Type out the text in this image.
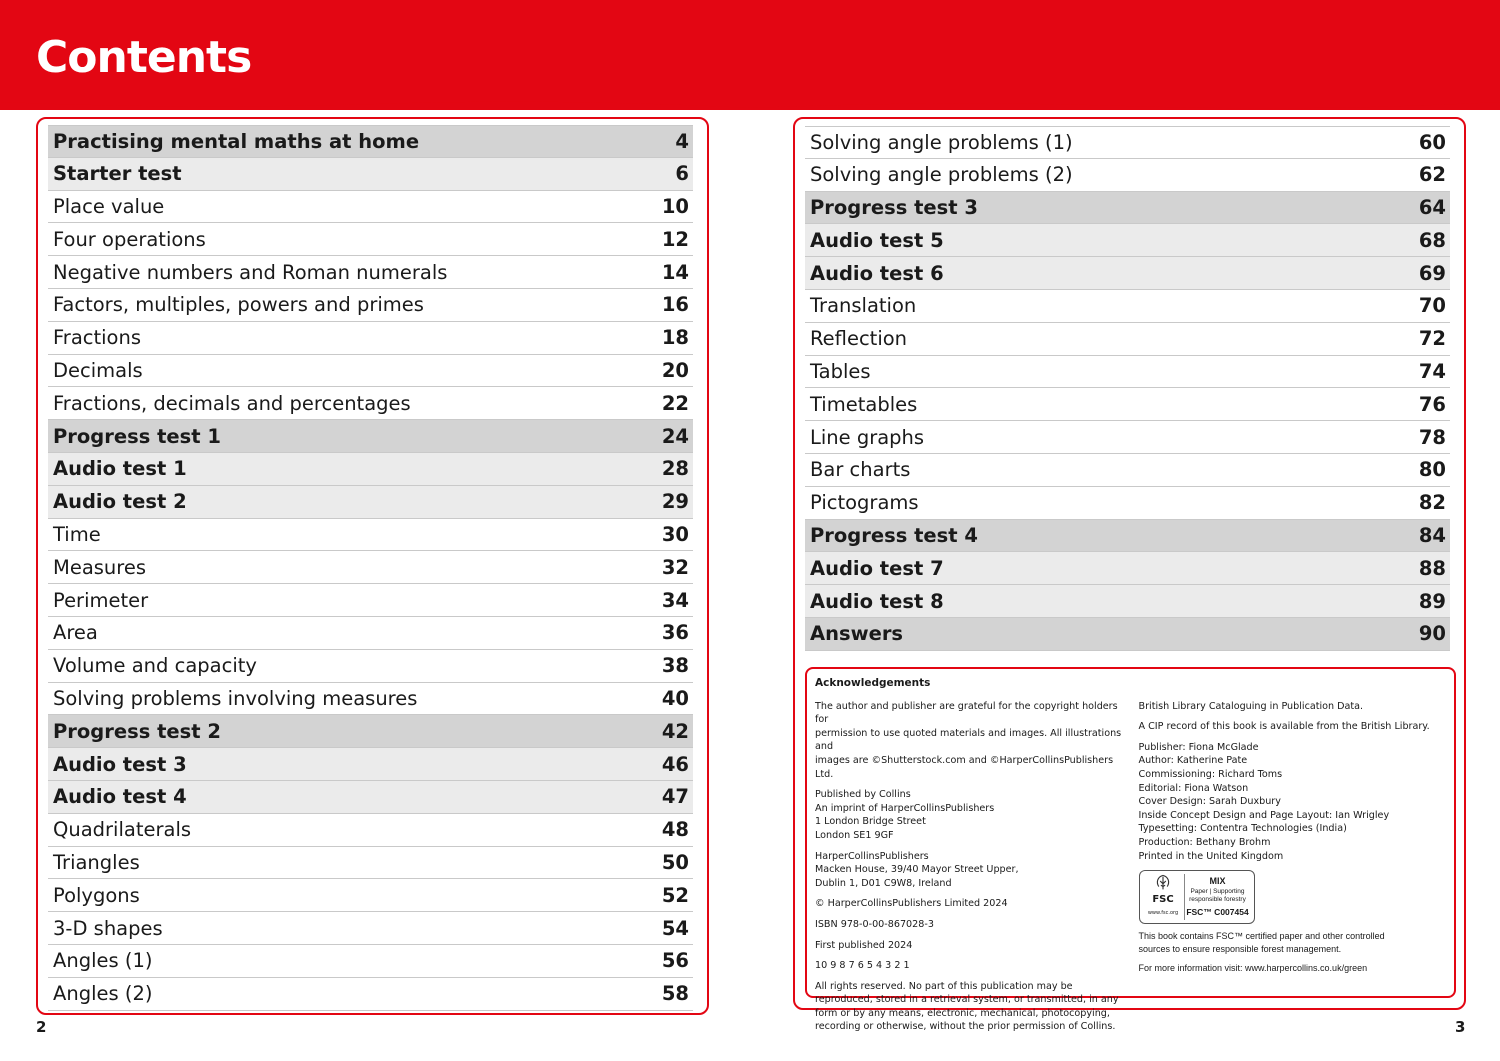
Contents
Practising mental maths at home	4
Starter test	6
Place value	10
Four operations	12
Negative numbers and Roman numerals	14
Factors, multiples, powers and primes	16
Fractions	18
Decimals	20
Fractions, decimals and percentages	22
Progress test 1	24
Audio test 1	28
Audio test 2	29
Time	30
Measures	32
Perimeter	34
Area	36
Volume and capacity	38
Solving problems involving measures	40
Progress test 2	42
Audio test 3	46
Audio test 4	47
Quadrilaterals	48
Triangles	50
Polygons	52
3-D shapes	54
Angles (1)	56
Angles (2)	58
Solving angle problems (1)	60
Solving angle problems (2)	62
Progress test 3	64
Audio test 5	68
Audio test 6	69
Translation	70
Reflection	72
Tables	74
Timetables	76
Line graphs	78
Bar charts	80
Pictograms	82
Progress test 4	84
Audio test 7	88
Audio test 8	89
Answers	90
Acknowledgements

The author and publisher are grateful for the copyright holders for
permission to use quoted materials and images. All illustrations and
images are ©Shutterstock.com and ©HarperCollinsPublishers Ltd.

Published by Collins
An imprint of HarperCollinsPublishers
1 London Bridge Street
London SE1 9GF

HarperCollinsPublishers
Macken House, 39/40 Mayor Street Upper,
Dublin 1, D01 C9W8, Ireland

© HarperCollinsPublishers Limited 2024

ISBN 978-0-00-867028-3

First published 2024

10 9 8 7 6 5 4 3 2 1

All rights reserved. No part of this publication may be
reproduced, stored in a retrieval system, or transmitted, in any
form or by any means, electronic, mechanical, photocopying,
recording or otherwise, without the prior permission of Collins.

British Library Cataloguing in Publication Data.

A CIP record of this book is available from the British Library.

Publisher: Fiona McGlade
Author: Katherine Pate
Commissioning: Richard Toms
Editorial: Fiona Watson
Cover Design: Sarah Duxbury
Inside Concept Design and Page Layout: Ian Wrigley
Typesetting: Contentra Technologies (India)
Production: Bethany Brohm
Printed in the United Kingdom

FSC
www.fsc.org
MIX
Paper | Supporting
responsible forestry
FSC™ C007454

This book contains FSC™ certified paper and other controlled
sources to ensure responsible forest management.

For more information visit: www.harpercollins.co.uk/green

2	3
